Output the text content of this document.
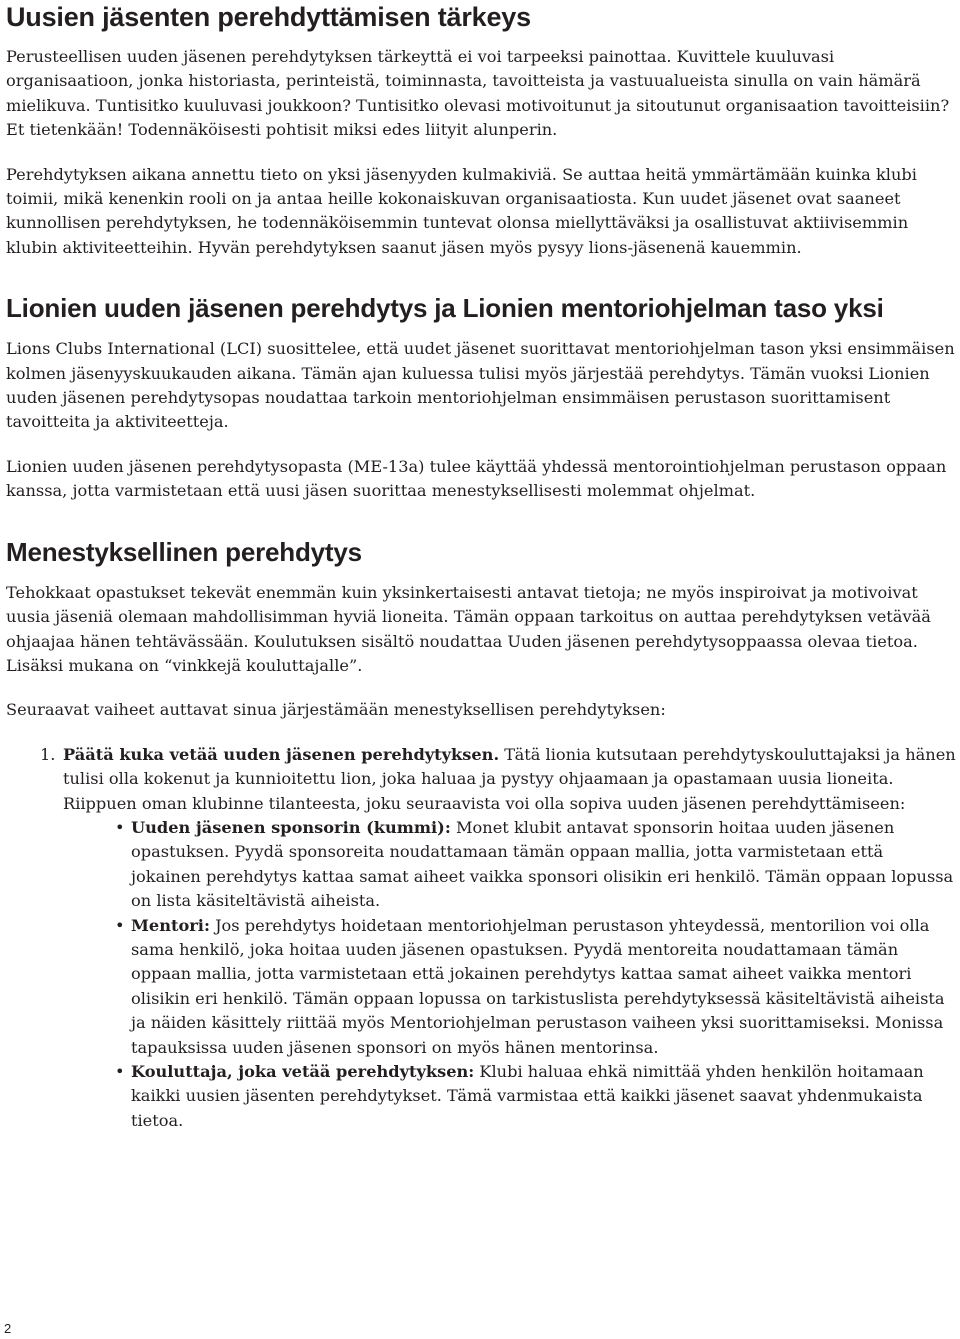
Uusien jäsenten perehdyttämisen tärkeys

Perusteellisen uuden jäsenen perehdytyksen tärkeyttä ei voi tarpeeksi painottaa. Kuvittele kuuluvasi organisaatioon, jonka historiasta, perinteistä, toiminnasta, tavoitteista ja vastuualueista sinulla on vain hämärä mielikuva. Tuntisitko kuuluvasi joukkoon? Tuntisitko olevasi motivoitunut ja sitoutunut organisaation tavoitteisiin? Et tietenkään! Todennäköisesti pohtisit miksi edes liityit alunperin.

Perehdytyksen aikana annettu tieto on yksi jäsenyyden kulmakiviä. Se auttaa heitä ymmärtämään kuinka klubi toimii, mikä kenenkin rooli on ja antaa heille kokonaiskuvan organisaatiosta. Kun uudet jäsenet ovat saaneet kunnollisen perehdytyksen, he todennäköisemmin tuntevat olonsa miellyttäväksi ja osallistuvat aktiivisemmin klubin aktiviteetteihin. Hyvän perehdytyksen saanut jäsen myös pysyy lions-jäsenenä kauemmin.

Lionien uuden jäsenen perehdytys ja Lionien mentoriohjelman taso yksi

Lions Clubs International (LCI) suosittelee, että uudet jäsenet suorittavat mentoriohjelman tason yksi ensimmäisen kolmen jäsenyyskuukauden aikana. Tämän ajan kuluessa tulisi myös järjestää perehdytys. Tämän vuoksi Lionien uuden jäsenen perehdytysopas noudattaa tarkoin mentoriohjelman ensimmäisen perustason suorittamisent tavoitteita ja aktiviteetteja.

Lionien uuden jäsenen perehdytysopasta (ME-13a) tulee käyttää yhdessä mentorointiohjelman perustason oppaan kanssa, jotta varmistetaan että uusi jäsen suorittaa menestyksellisesti molemmat ohjelmat.

Menestyksellinen perehdytys

Tehokkaat opastukset tekevät enemmän kuin yksinkertaisesti antavat tietoja; ne myös inspiroivat ja motivoivat uusia jäseniä olemaan mahdollisimman hyviä lioneita. Tämän oppaan tarkoitus on auttaa perehdytyksen vetävää ohjaajaa hänen tehtävässään. Koulutuksen sisältö noudattaa Uuden jäsenen perehdytysoppaassa olevaa tietoa. Lisäksi mukana on “vinkkejä kouluttajalle”.

Seuraavat vaiheet auttavat sinua järjestämään menestyksellisen perehdytyksen:

1. Päätä kuka vetää uuden jäsenen perehdytyksen. Tätä lionia kutsutaan perehdytyskouluttajaksi ja hänen tulisi olla kokenut ja kunnioitettu lion, joka haluaa ja pystyy ohjaamaan ja opastamaan uusia lioneita. Riippuen oman klubinne tilanteesta, joku seuraavista voi olla sopiva uuden jäsenen perehdyttämiseen:
• Uuden jäsenen sponsorin (kummi): Monet klubit antavat sponsorin hoitaa uuden jäsenen opastuksen. Pyydä sponsoreita noudattamaan tämän oppaan mallia, jotta varmistetaan että jokainen perehdytys kattaa samat aiheet vaikka sponsori olisikin eri henkilö. Tämän oppaan lopussa on lista käsiteltävistä aiheista.
• Mentori: Jos perehdytys hoidetaan mentoriohjelman perustason yhteydessä, mentorilion voi olla sama henkilö, joka hoitaa uuden jäsenen opastuksen. Pyydä mentoreita noudattamaan tämän oppaan mallia, jotta varmistetaan että jokainen perehdytys kattaa samat aiheet vaikka mentori olisikin eri henkilö. Tämän oppaan lopussa on tarkistuslista perehdytyksessä käsiteltävistä aiheista ja näiden käsittely riittää myös Mentoriohjelman perustason vaiheen yksi suorittamiseksi. Monissa tapauksissa uuden jäsenen sponsori on myös hänen mentorinsa.
• Kouluttaja, joka vetää perehdytyksen: Klubi haluaa ehkä nimittää yhden henkilön hoitamaan kaikki uusien jäsenten perehdytykset. Tämä varmistaa että kaikki jäsenet saavat yhdenmukaista tietoa.
2
